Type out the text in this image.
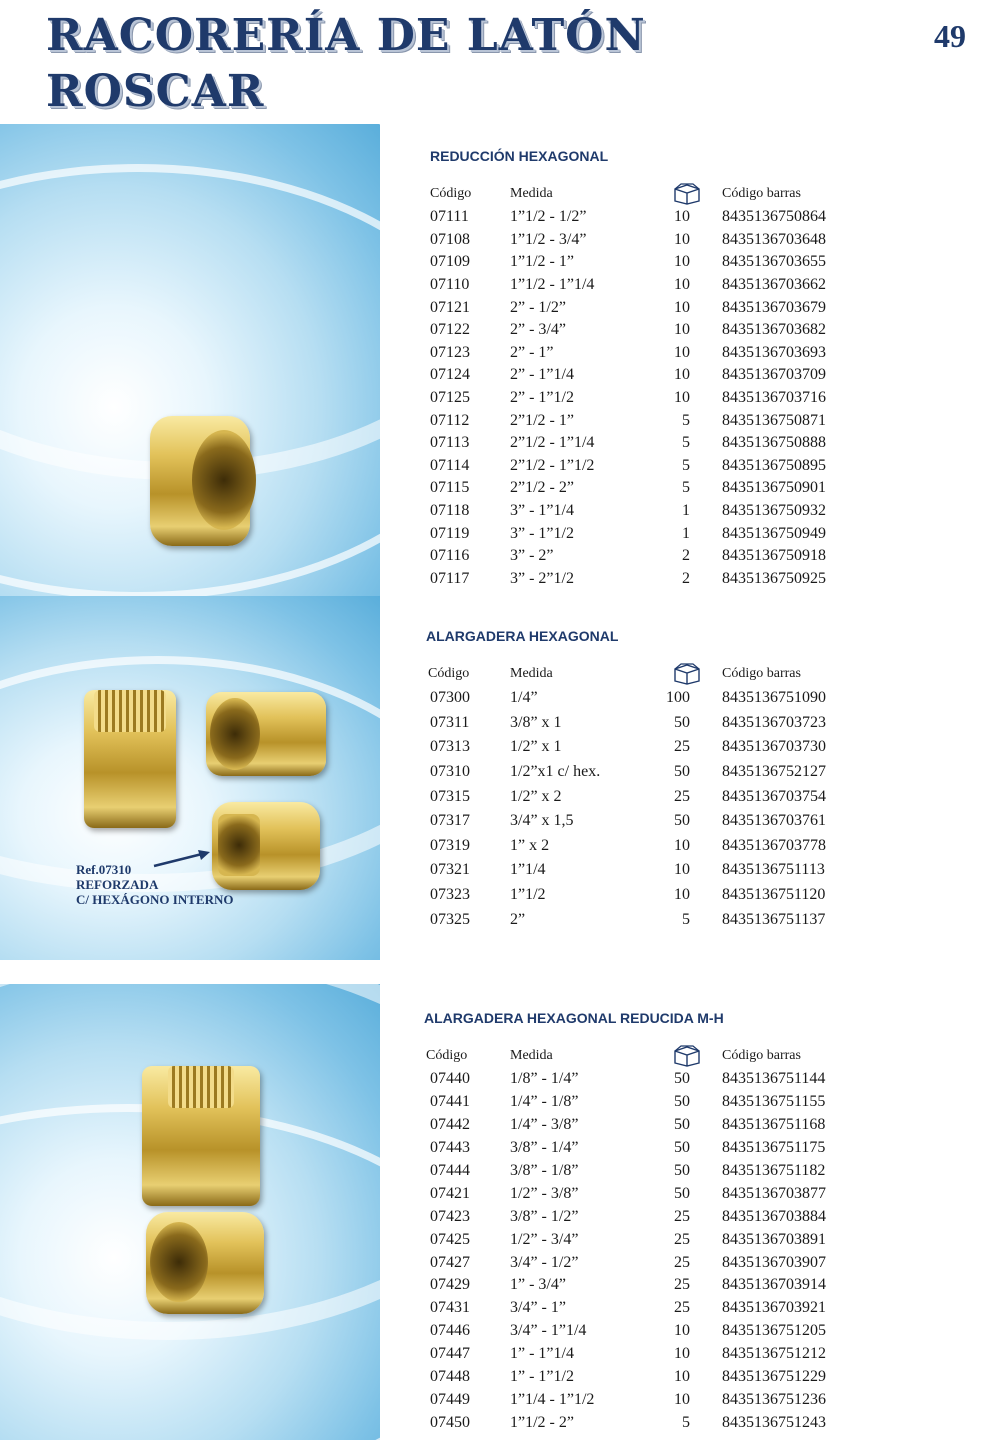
RACORERÍA DE LATÓN
ROSCAR
49
Ref.07310
REFORZADA
C/ HEXÁGONO INTERNO
REDUCCIÓN HEXAGONAL
Código	Medida	Código barras
07111	1”1/2 - 1/2”	10	8435136750864
07108	1”1/2 - 3/4”	10	8435136703648
07109	1”1/2 - 1”	10	8435136703655
07110	1”1/2 - 1”1/4	10	8435136703662
07121	2” - 1/2”	10	8435136703679
07122	2” - 3/4”	10	8435136703682
07123	2” - 1”	10	8435136703693
07124	2” - 1”1/4	10	8435136703709
07125	2” - 1”1/2	10	8435136703716
07112	2”1/2 - 1”	5	8435136750871
07113	2”1/2 - 1”1/4	5	8435136750888
07114	2”1/2 - 1”1/2	5	8435136750895
07115	2”1/2 - 2”	5	8435136750901
07118	3” - 1”1/4	1	8435136750932
07119	3” - 1”1/2	1	8435136750949
07116	3” - 2”	2	8435136750918
07117	3” - 2”1/2	2	8435136750925
ALARGADERA HEXAGONAL
Código	Medida	Código barras
07300	1/4”	100	8435136751090
07311	3/8” x 1	50	8435136703723
07313	1/2” x 1	25	8435136703730
07310	1/2”x1 c/ hex.	50	8435136752127
07315	1/2” x 2	25	8435136703754
07317	3/4” x 1,5	50	8435136703761
07319	1” x 2	10	8435136703778
07321	1”1/4	10	8435136751113
07323	1”1/2	10	8435136751120
07325	2”	5	8435136751137
ALARGADERA HEXAGONAL REDUCIDA M-H
Código	Medida	Código barras
07440	1/8” - 1/4”	50	8435136751144
07441	1/4” - 1/8”	50	8435136751155
07442	1/4” - 3/8”	50	8435136751168
07443	3/8” - 1/4”	50	8435136751175
07444	3/8” - 1/8”	50	8435136751182
07421	1/2” - 3/8”	50	8435136703877
07423	3/8” - 1/2”	25	8435136703884
07425	1/2” - 3/4”	25	8435136703891
07427	3/4” - 1/2”	25	8435136703907
07429	1” - 3/4”	25	8435136703914
07431	3/4” - 1”	25	8435136703921
07446	3/4” - 1”1/4	10	8435136751205
07447	1” - 1”1/4	10	8435136751212
07448	1” - 1”1/2	10	8435136751229
07449	1”1/4 - 1”1/2	10	8435136751236
07450	1”1/2 - 2”	5	8435136751243
